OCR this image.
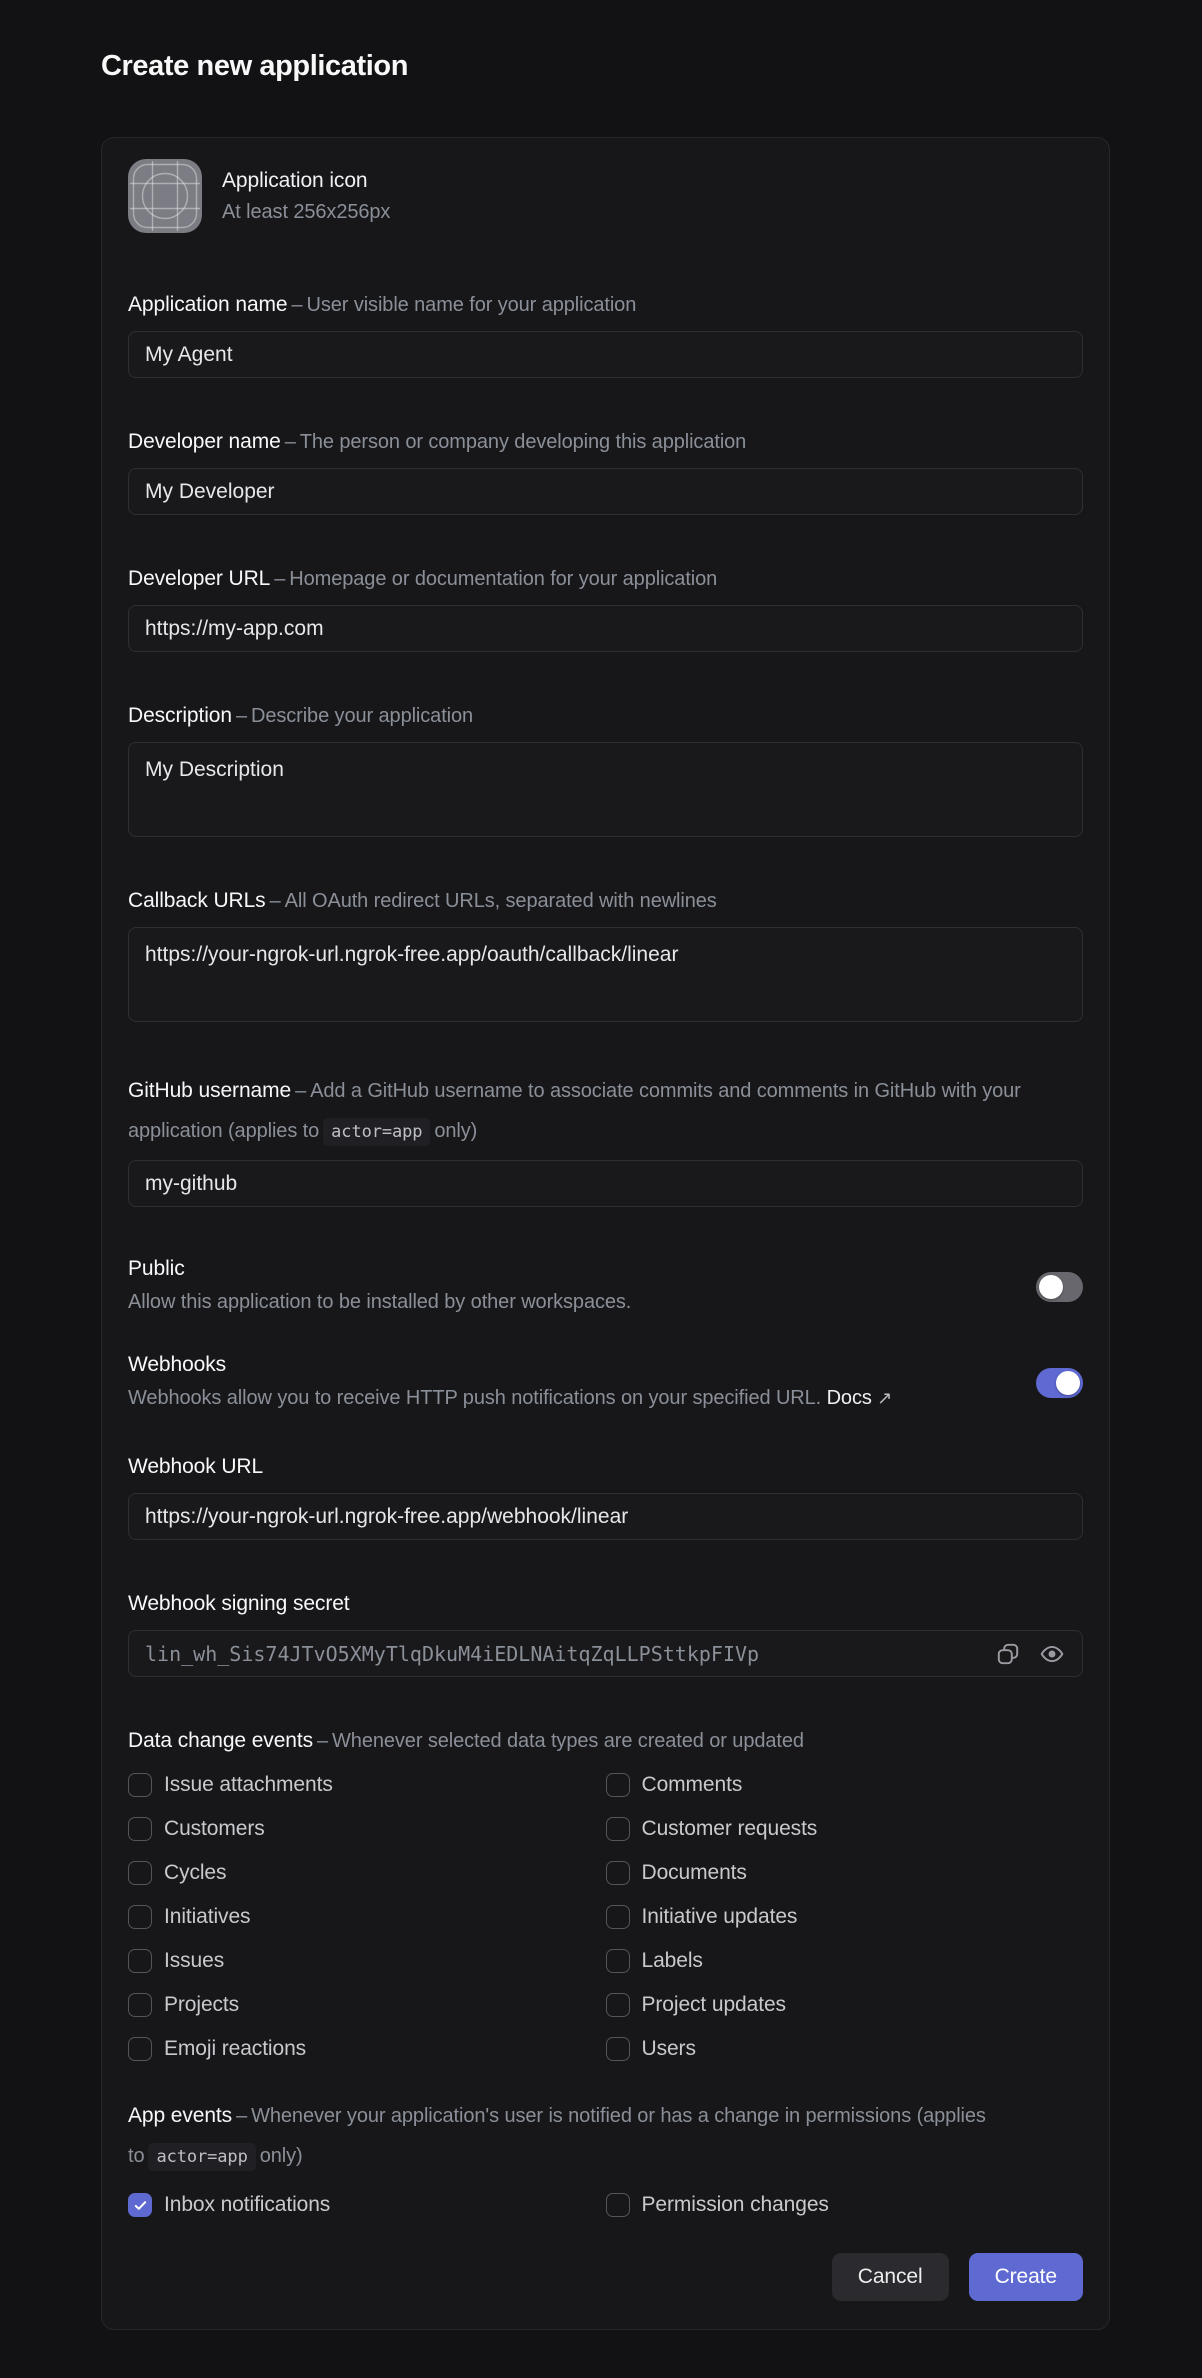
Create new application
Application icon
At least 256x256px
Application name – User visible name for your application
My Agent
Developer name – The person or company developing this application
My Developer
Developer URL – Homepage or documentation for your application
https://my-app.com
Description – Describe your application
My Description
Callback URLs – All OAuth redirect URLs, separated with newlines
https://your-ngrok-url.ngrok-free.app/oauth/callback/linear
GitHub username – Add a GitHub username to associate commits and comments in GitHub with your application (applies to actor=app only)
my-github
Public
Allow this application to be installed by other workspaces.
Webhooks
Webhooks allow you to receive HTTP push notifications on your specified URL. Docs ↗
Webhook URL
https://your-ngrok-url.ngrok-free.app/webhook/linear
Webhook signing secret
lin_wh_Sis74JTvO5XMyTlqDkuM4iEDLNAitqZqLLPSttkpFIVp
Data change events – Whenever selected data types are created or updated
Issue attachments	Comments
Customers	Customer requests
Cycles	Documents
Initiatives	Initiative updates
Issues	Labels
Projects	Project updates
Emoji reactions	Users
App events – Whenever your application's user is notified or has a change in permissions (applies to actor=app only)
Inbox notifications	Permission changes
Cancel	Create
